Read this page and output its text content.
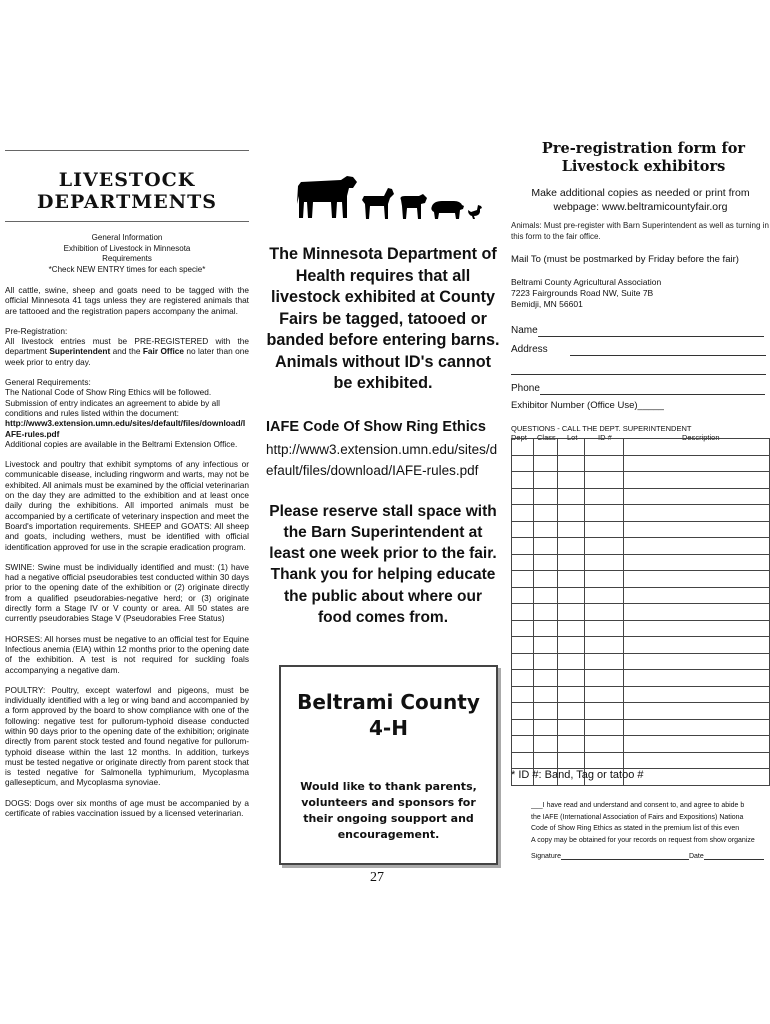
LIVESTOCK
DEPARTMENTS
General Information
Exhibition of Livestock in Minnesota
Requirements
*Check NEW ENTRY times for each specie*

All cattle, swine, sheep and goats need to be tagged with the official Minnesota 41 tags unless they are registered animals that are tattooed and the registration papers accompany the animal.

Pre-Registration:
All livestock entries must be PRE-REGISTERED with the department Superintendent and the Fair Office no later than one week prior to entry day.

General Requirements:
The National Code of Show Ring Ethics will be followed. Submission of entry indicates an agreement to abide by all conditions and rules listed within the document:
http://www3.extension.umn.edu/sites/default/files/download/IAFE-rules.pdf
Additional copies are available in the Beltrami Extension Office.

Livestock and poultry that exhibit symptoms of any infectious or communicable disease, including ringworm and warts, may not be exhibited. All animals must be examined by the official veterinarian on the day they are admitted to the exhibition and at least once daily during the exhibitions. All imported animals must be accompanied by a certificate of veterinary inspection and meet the Board's importation requirements. SHEEP and GOATS: All sheep and goats, including wethers, must be identified with official identification approved for use in the scrapie eradication program.

SWINE: Swine must be individually identified and must: (1) have had a negative official pseudorabies test conducted within 30 days prior to the opening date of the exhibition or (2) originate directly from a qualified pseudorabies-negative herd; or (3) originate directly form a Stage IV or V county or area. All 50 states are currently pseudorabies Stage V (Pseudorabies Free Status)

HORSES: All horses must be negative to an official test for Equine Infectious anemia (EIA) within 12 months prior to the opening date of the exhibition. A test is not required for suckling foals accompanying a negative dam.

POULTRY: Poultry, except waterfowl and pigeons, must be individually identified with a leg or wing band and accompanied by a form approved by the board to show compliance with one of the following: negative test for pullorum-typhoid disease conducted within 90 days prior to the opening date of the exhibition; originate directly from parent stock tested and found negative for pullorum-typhoid disease within the last 12 months. In addition, turkeys must be tested negative or originate directly from parent stock that is tested negative for Salmonella typhimurium, Mycoplasma gallesepticum, and Mycoplasma synoviae.

DOGS: Dogs over six months of age must be accompanied by a certificate of rabies vaccination issued by a licensed veterinarian.

The Minnesota Department of Health requires that all livestock exhibited at County Fairs be tagged, tatooed or banded before entering barns. Animals without ID's cannot be exhibited.
IAFE Code Of Show Ring Ethics
http://www3.extension.umn.edu/sites/default/files/download/IAFE-rules.pdf
Please reserve stall space with the Barn Superintendent at least one week prior to the fair. Thank you for helping educate the public about where our food comes from.
Beltrami County
4-H
Would like to thank parents, volunteers and sponsors for their ongoing soupport and encouragement.
27
Pre-registration form for
Livestock exhibitors
Make additional copies as needed or print from webpage: www.beltramicountyfair.org
Animals: Must pre-register with Barn Superintendent as well as turning in this form to the fair office.
Mail To (must be postmarked by Friday before the fair)
Beltrami County Agricultural Association
7223 Fairgrounds Road NW, Suite 7B
Bemidji, MN 56601
Name
Address
Phone
Exhibitor Number (Office Use)_____
QUESTIONS - CALL THE DEPT. SUPERINTENDENT
Dept Class Lot	ID #	Description

* ID #: Band, Tag or tatoo #
___I have read and understand and consent to, and agree to abide b
the IAFE (International Association of Fairs and Expositions) Nationa
Code of Show Ring Ethics as stated in the premium list of this even
A copy may be obtained for your records on request from show organize
Signature	Date
